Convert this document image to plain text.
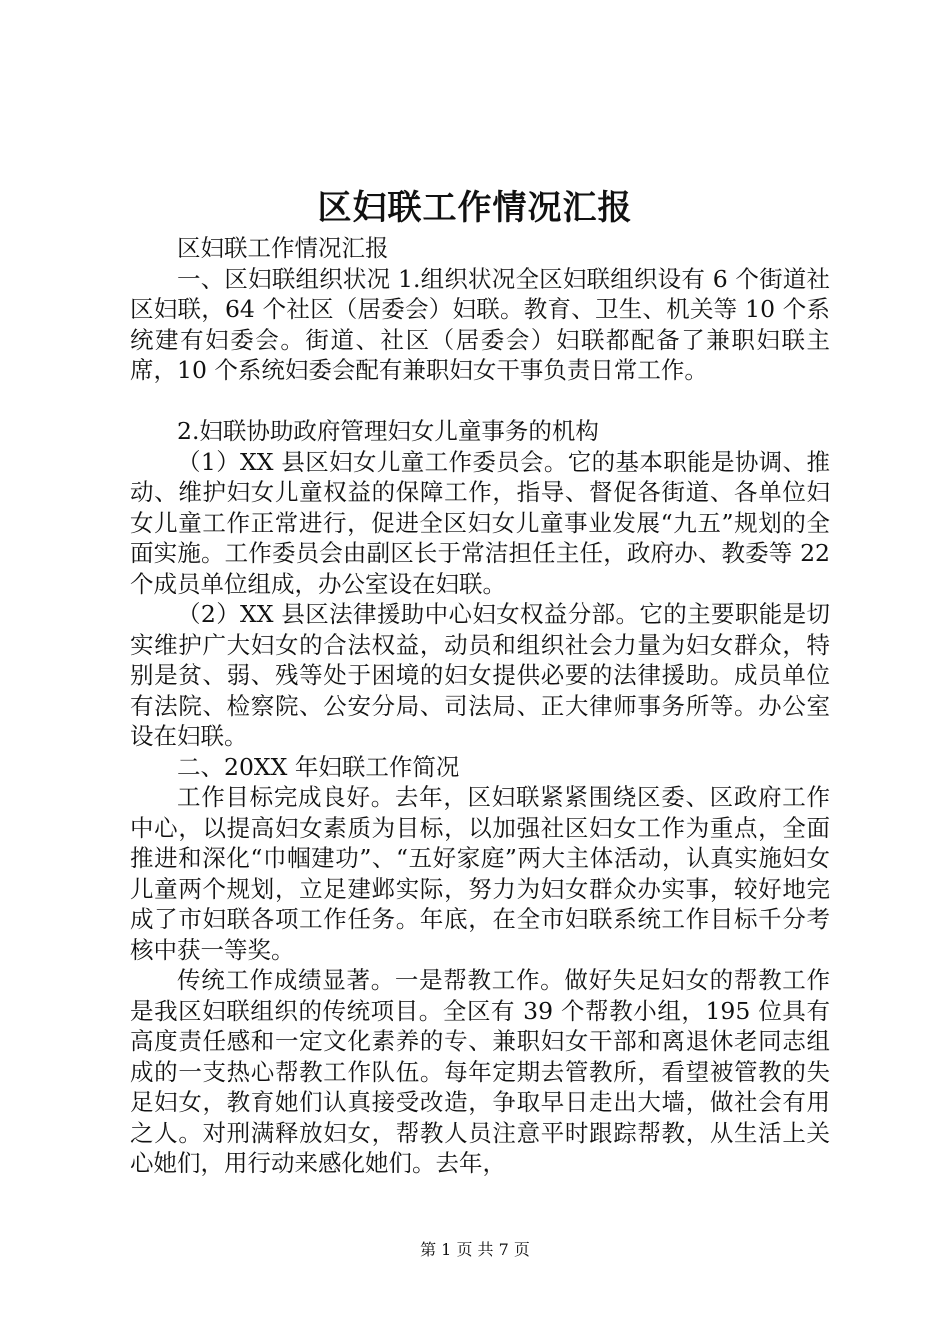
区妇联工作情况汇报

区妇联工作情况汇报

一、区妇联组织状况 1.组织状况全区妇联组织设有 6 个街道社区妇联，64 个社区（居委会）妇联。教育、卫生、机关等 10 个系统建有妇委会。街道、社区（居委会）妇联都配备了兼职妇联主席，10 个系统妇委会配有兼职妇女干事负责日常工作。

2.妇联协助政府管理妇女儿童事务的机构

（1）XX 县区妇女儿童工作委员会。它的基本职能是协调、推动、维护妇女儿童权益的保障工作，指导、督促各街道、各单位妇女儿童工作正常进行，促进全区妇女儿童事业发展“九五”规划的全面实施。工作委员会由副区长于常洁担任主任，政府办、教委等 22 个成员单位组成，办公室设在妇联。

（2）XX 县区法律援助中心妇女权益分部。它的主要职能是切实维护广大妇女的合法权益，动员和组织社会力量为妇女群众，特别是贫、弱、残等处于困境的妇女提供必要的法律援助。成员单位有法院、检察院、公安分局、司法局、正大律师事务所等。办公室设在妇联。

二、20XX 年妇联工作简况

工作目标完成良好。去年，区妇联紧紧围绕区委、区政府工作中心，以提高妇女素质为目标，以加强社区妇女工作为重点，全面推进和深化“巾帼建功”、“五好家庭”两大主体活动，认真实施妇女儿童两个规划，立足建邺实际，努力为妇女群众办实事，较好地完成了市妇联各项工作任务。年底，在全市妇联系统工作目标千分考核中获一等奖。

传统工作成绩显著。一是帮教工作。做好失足妇女的帮教工作是我区妇联组织的传统项目。全区有 39 个帮教小组，195 位具有高度责任感和一定文化素养的专、兼职妇女干部和离退休老同志组成的一支热心帮教工作队伍。每年定期去管教所，看望被管教的失足妇女，教育她们认真接受改造，争取早日走出大墙，做社会有用之人。对刑满释放妇女，帮教人员注意平时跟踪帮教，从生活上关心她们，用行动来感化她们。去年，

第 1 页 共 7 页
